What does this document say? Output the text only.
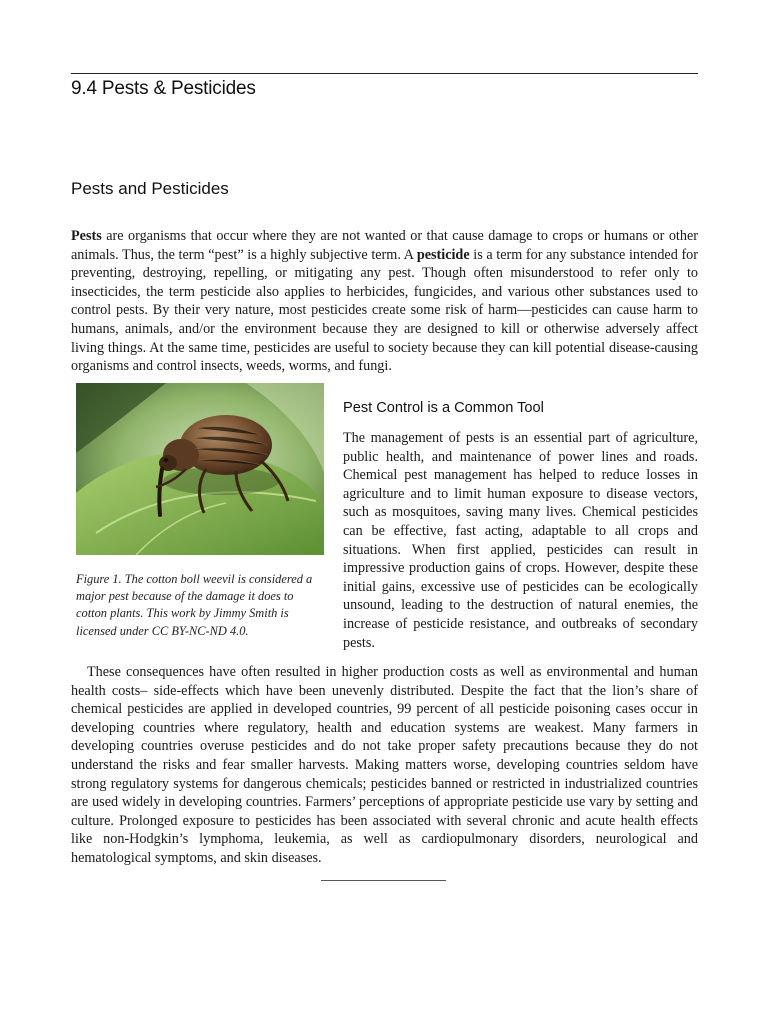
9.4 Pests & Pesticides
Pests and Pesticides

Pests are organisms that occur where they are not wanted or that cause damage to crops or humans or other animals. Thus, the term “pest” is a highly subjective term. A pesticide is a term for any substance intended for preventing, destroying, repelling, or mitigating any pest. Though often misunderstood to refer only to insecticides, the term pesticide also applies to herbicides, fungicides, and various other substances used to control pests. By their very nature, most pesticides create some risk of harm—pesticides can cause harm to humans, animals, and/or the environment because they are designed to kill or otherwise adversely affect living things. At the same time, pesticides are useful to society because they can kill potential disease-causing organisms and control insects, weeds, worms, and fungi.

Figure 1. The cotton boll weevil is considered a major pest because of the damage it does to cotton plants. This work by Jimmy Smith is licensed under CC BY-NC-ND 4.0.

Pest Control is a Common Tool

The management of pests is an essential part of agriculture, public health, and maintenance of power lines and roads. Chemical pest management has helped to reduce losses in agriculture and to limit human exposure to disease vectors, such as mosquitoes, saving many lives. Chemical pesticides can be effective, fast acting, adaptable to all crops and situations. When first applied, pesticides can result in impressive production gains of crops. However, despite these initial gains, excessive use of pesticides can be ecologically unsound, leading to the destruction of natural enemies, the increase of pesticide resistance, and outbreaks of secondary pests.

These consequences have often resulted in higher production costs as well as environmental and human health costs– side-effects which have been unevenly distributed. Despite the fact that the lion’s share of chemical pesticides are applied in developed countries, 99 percent of all pesticide poisoning cases occur in developing countries where regulatory, health and education systems are weakest. Many farmers in developing countries overuse pesticides and do not take proper safety precautions because they do not understand the risks and fear smaller harvests. Making matters worse, developing countries seldom have strong regulatory systems for dangerous chemicals; pesticides banned or restricted in industrialized countries are used widely in developing countries. Farmers’ perceptions of appropriate pesticide use vary by setting and culture. Prolonged exposure to pesticides has been associated with several chronic and acute health effects like non-Hodgkin’s lymphoma, leukemia, as well as cardiopulmonary disorders, neurological and hematological symptoms, and skin diseases.
